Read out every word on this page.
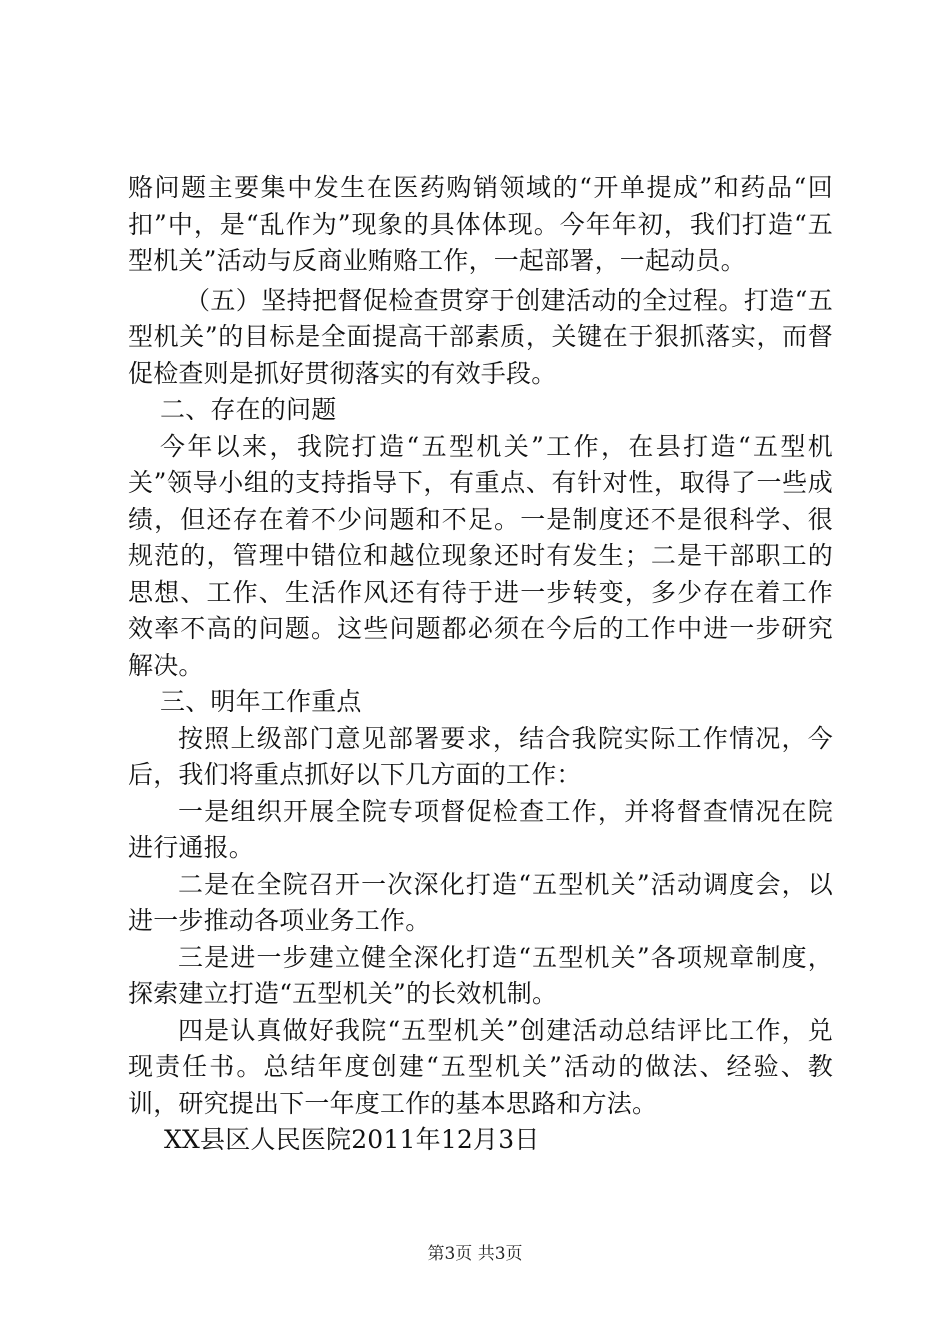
赂问题主要集中发生在医药购销领域的“开单提成”和药品“回扣”中，是“乱作为”现象的具体体现。今年年初，我们打造“五型机关”活动与反商业贿赂工作，一起部署，一起动员。

（五）坚持把督促检查贯穿于创建活动的全过程。打造“五型机关”的目标是全面提高干部素质，关键在于狠抓落实，而督促检查则是抓好贯彻落实的有效手段。

二、存在的问题

今年以来，我院打造“五型机关”工作，在县打造“五型机关”领导小组的支持指导下，有重点、有针对性，取得了一些成绩，但还存在着不少问题和不足。一是制度还不是很科学、很规范的，管理中错位和越位现象还时有发生；二是干部职工的思想、工作、生活作风还有待于进一步转变，多少存在着工作效率不高的问题。这些问题都必须在今后的工作中进一步研究解决。

三、明年工作重点

按照上级部门意见部署要求，结合我院实际工作情况，今后，我们将重点抓好以下几方面的工作：

一是组织开展全院专项督促检查工作，并将督查情况在院进行通报。

二是在全院召开一次深化打造“五型机关”活动调度会，以进一步推动各项业务工作。

三是进一步建立健全深化打造“五型机关”各项规章制度，探索建立打造“五型机关”的长效机制。

四是认真做好我院“五型机关”创建活动总结评比工作，兑现责任书。总结年度创建“五型机关”活动的做法、经验、教训，研究提出下一年度工作的基本思路和方法。

XX县区人民医院2011年12月3日

第3页 共3页
